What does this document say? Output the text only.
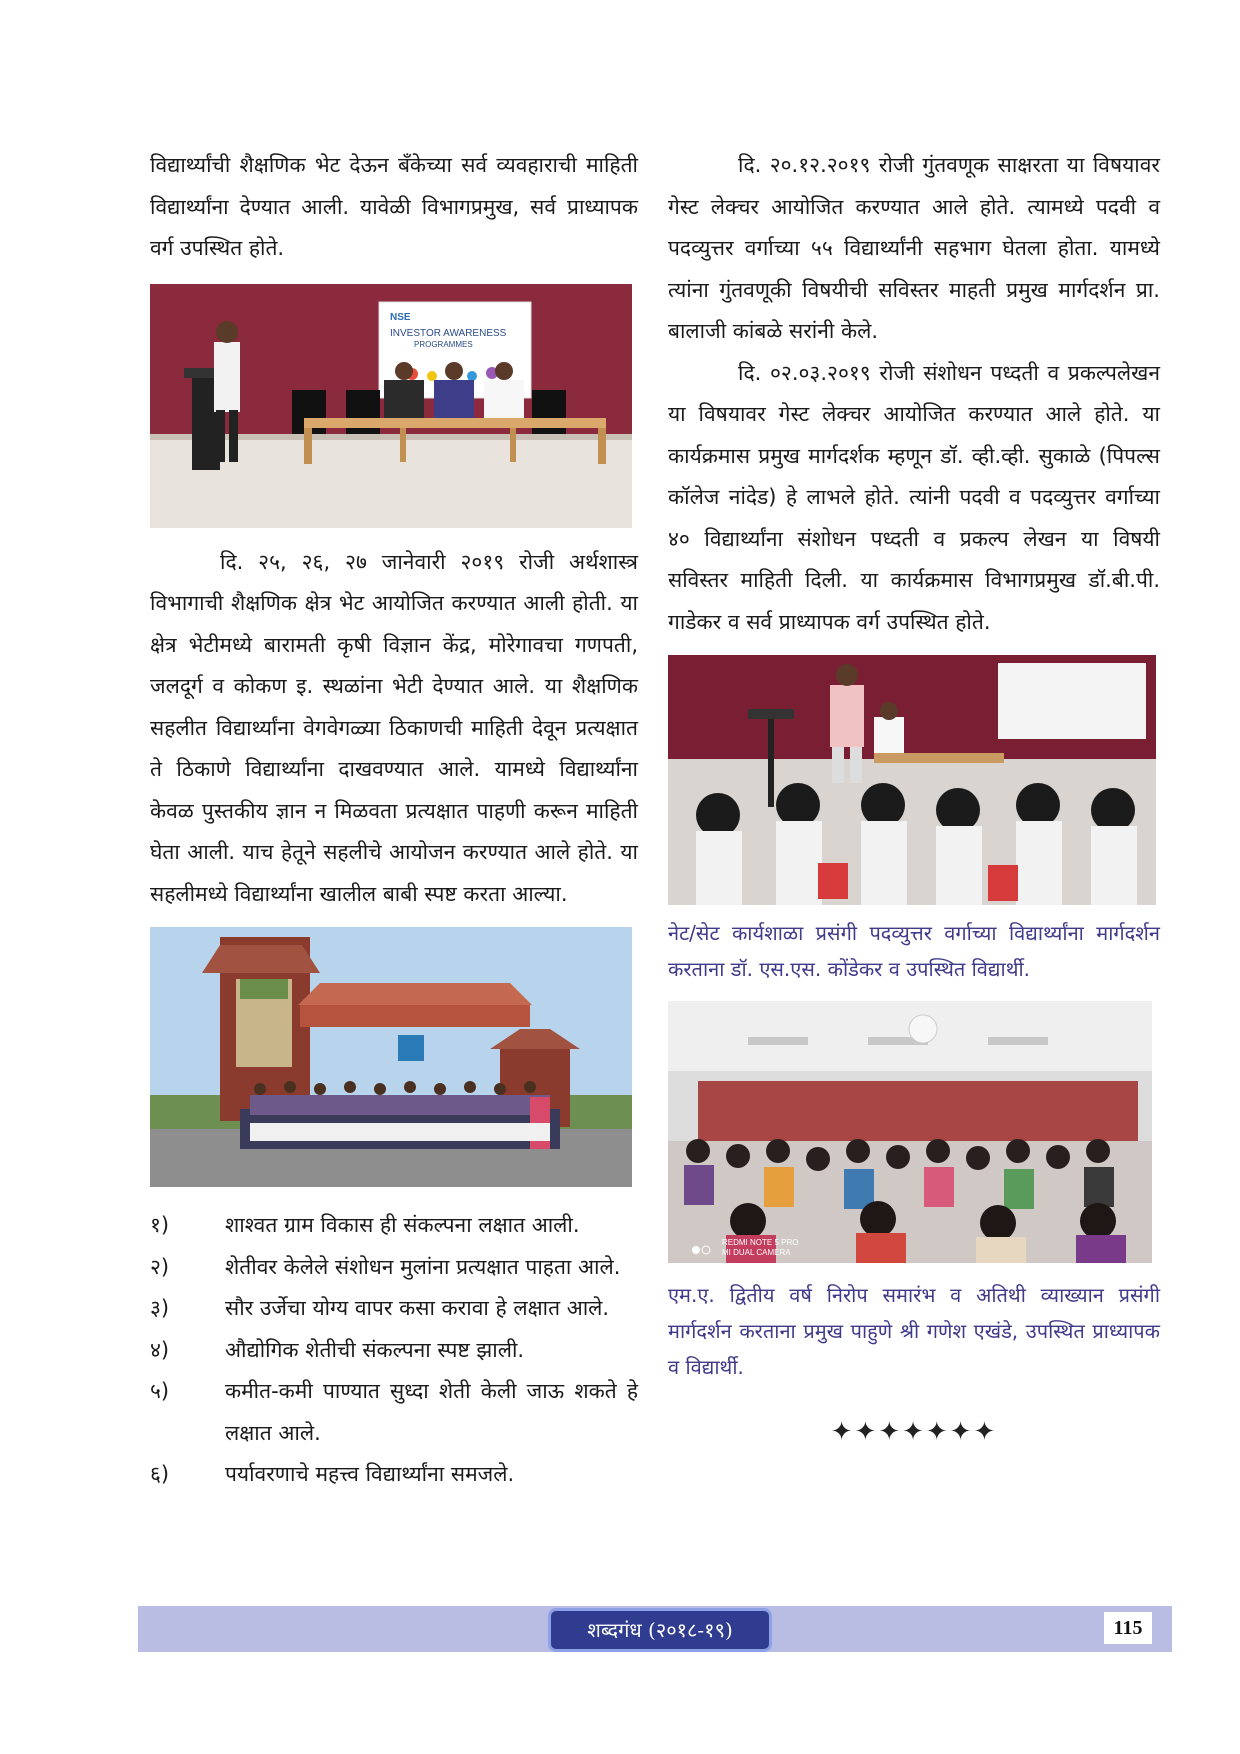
विद्यार्थ्यांची शैक्षणिक भेट देऊन बँकेच्या सर्व व्यवहाराची माहिती विद्यार्थ्यांना देण्यात आली. यावेळी विभागप्रमुख, सर्व प्राध्यापक वर्ग उपस्थित होते.

NSE
INVESTOR AWARENESS
PROGRAMMES

दि. २५, २६, २७ जानेवारी २०१९ रोजी अर्थशास्त्र विभागाची शैक्षणिक क्षेत्र भेट आयोजित करण्यात आली होती. या क्षेत्र भेटीमध्ये बारामती कृषी विज्ञान केंद्र, मोरेगावचा गणपती, जलदूर्ग व कोकण इ. स्थळांना भेटी देण्यात आले. या शैक्षणिक सहलीत विद्यार्थ्यांना वेगवेगळ्या ठिकाणची माहिती देवून प्रत्यक्षात ते ठिकाणे विद्यार्थ्यांना दाखवण्यात आले. यामध्ये विद्यार्थ्यांना केवळ पुस्तकीय ज्ञान न मिळवता प्रत्यक्षात पाहणी करून माहिती घेता आली. याच हेतूने सहलीचे आयोजन करण्यात आले होते. या सहलीमध्ये विद्यार्थ्यांना खालील बाबी स्पष्ट करता आल्या.

१)	शाश्वत ग्राम विकास ही संकल्पना लक्षात आली.
२)	शेतीवर केलेले संशोधन मुलांना प्रत्यक्षात पाहता आले.
३)	सौर उर्जेचा योग्य वापर कसा करावा हे लक्षात आले.
४)	औद्योगिक शेतीची संकल्पना स्पष्ट झाली.
५)	कमीत-कमी पाण्यात सुध्दा शेती केली जाऊ शकते हे लक्षात आले.
६)	पर्यावरणाचे महत्त्व विद्यार्थ्यांना समजले.

दि. २०.१२.२०१९ रोजी गुंतवणूक साक्षरता या विषयावर गेस्ट लेक्चर आयोजित करण्यात आले होते. त्यामध्ये पदवी व पदव्युत्तर वर्गाच्या ५५ विद्यार्थ्यांनी सहभाग घेतला होता. यामध्ये त्यांना गुंतवणूकी विषयीची सविस्तर माहती प्रमुख मार्गदर्शन प्रा. बालाजी कांबळे सरांनी केले.

दि. ०२.०३.२०१९ रोजी संशोधन पध्दती व प्रकल्पलेखन या विषयावर गेस्ट लेक्चर आयोजित करण्यात आले होते. या कार्यक्रमास प्रमुख मार्गदर्शक म्हणून डॉ. व्ही.व्ही. सुकाळे (पिपल्स कॉलेज नांदेड) हे लाभले होते. त्यांनी पदवी व पदव्युत्तर वर्गाच्या ४० विद्यार्थ्यांना संशोधन पध्दती व प्रकल्प लेखन या विषयी सविस्तर माहिती दिली. या कार्यक्रमास विभागप्रमुख डॉ.बी.पी. गाडेकर व सर्व प्राध्यापक वर्ग उपस्थित होते.

नेट/सेट कार्यशाळा प्रसंगी पदव्युत्तर वर्गाच्या विद्यार्थ्यांना मार्गदर्शन करताना डॉ. एस.एस. कोंडेकर व उपस्थित विद्यार्थी.

REDMI NOTE 5 PRO
MI DUAL CAMERA

एम.ए. द्वितीय वर्ष निरोप समारंभ व अतिथी व्याख्यान प्रसंगी मार्गदर्शन करताना प्रमुख पाहुणे श्री गणेश एखंडे, उपस्थित प्राध्यापक व विद्यार्थी.

✦✦✦✦✦✦✦
शब्दगंध (२०१८-१९)	115
